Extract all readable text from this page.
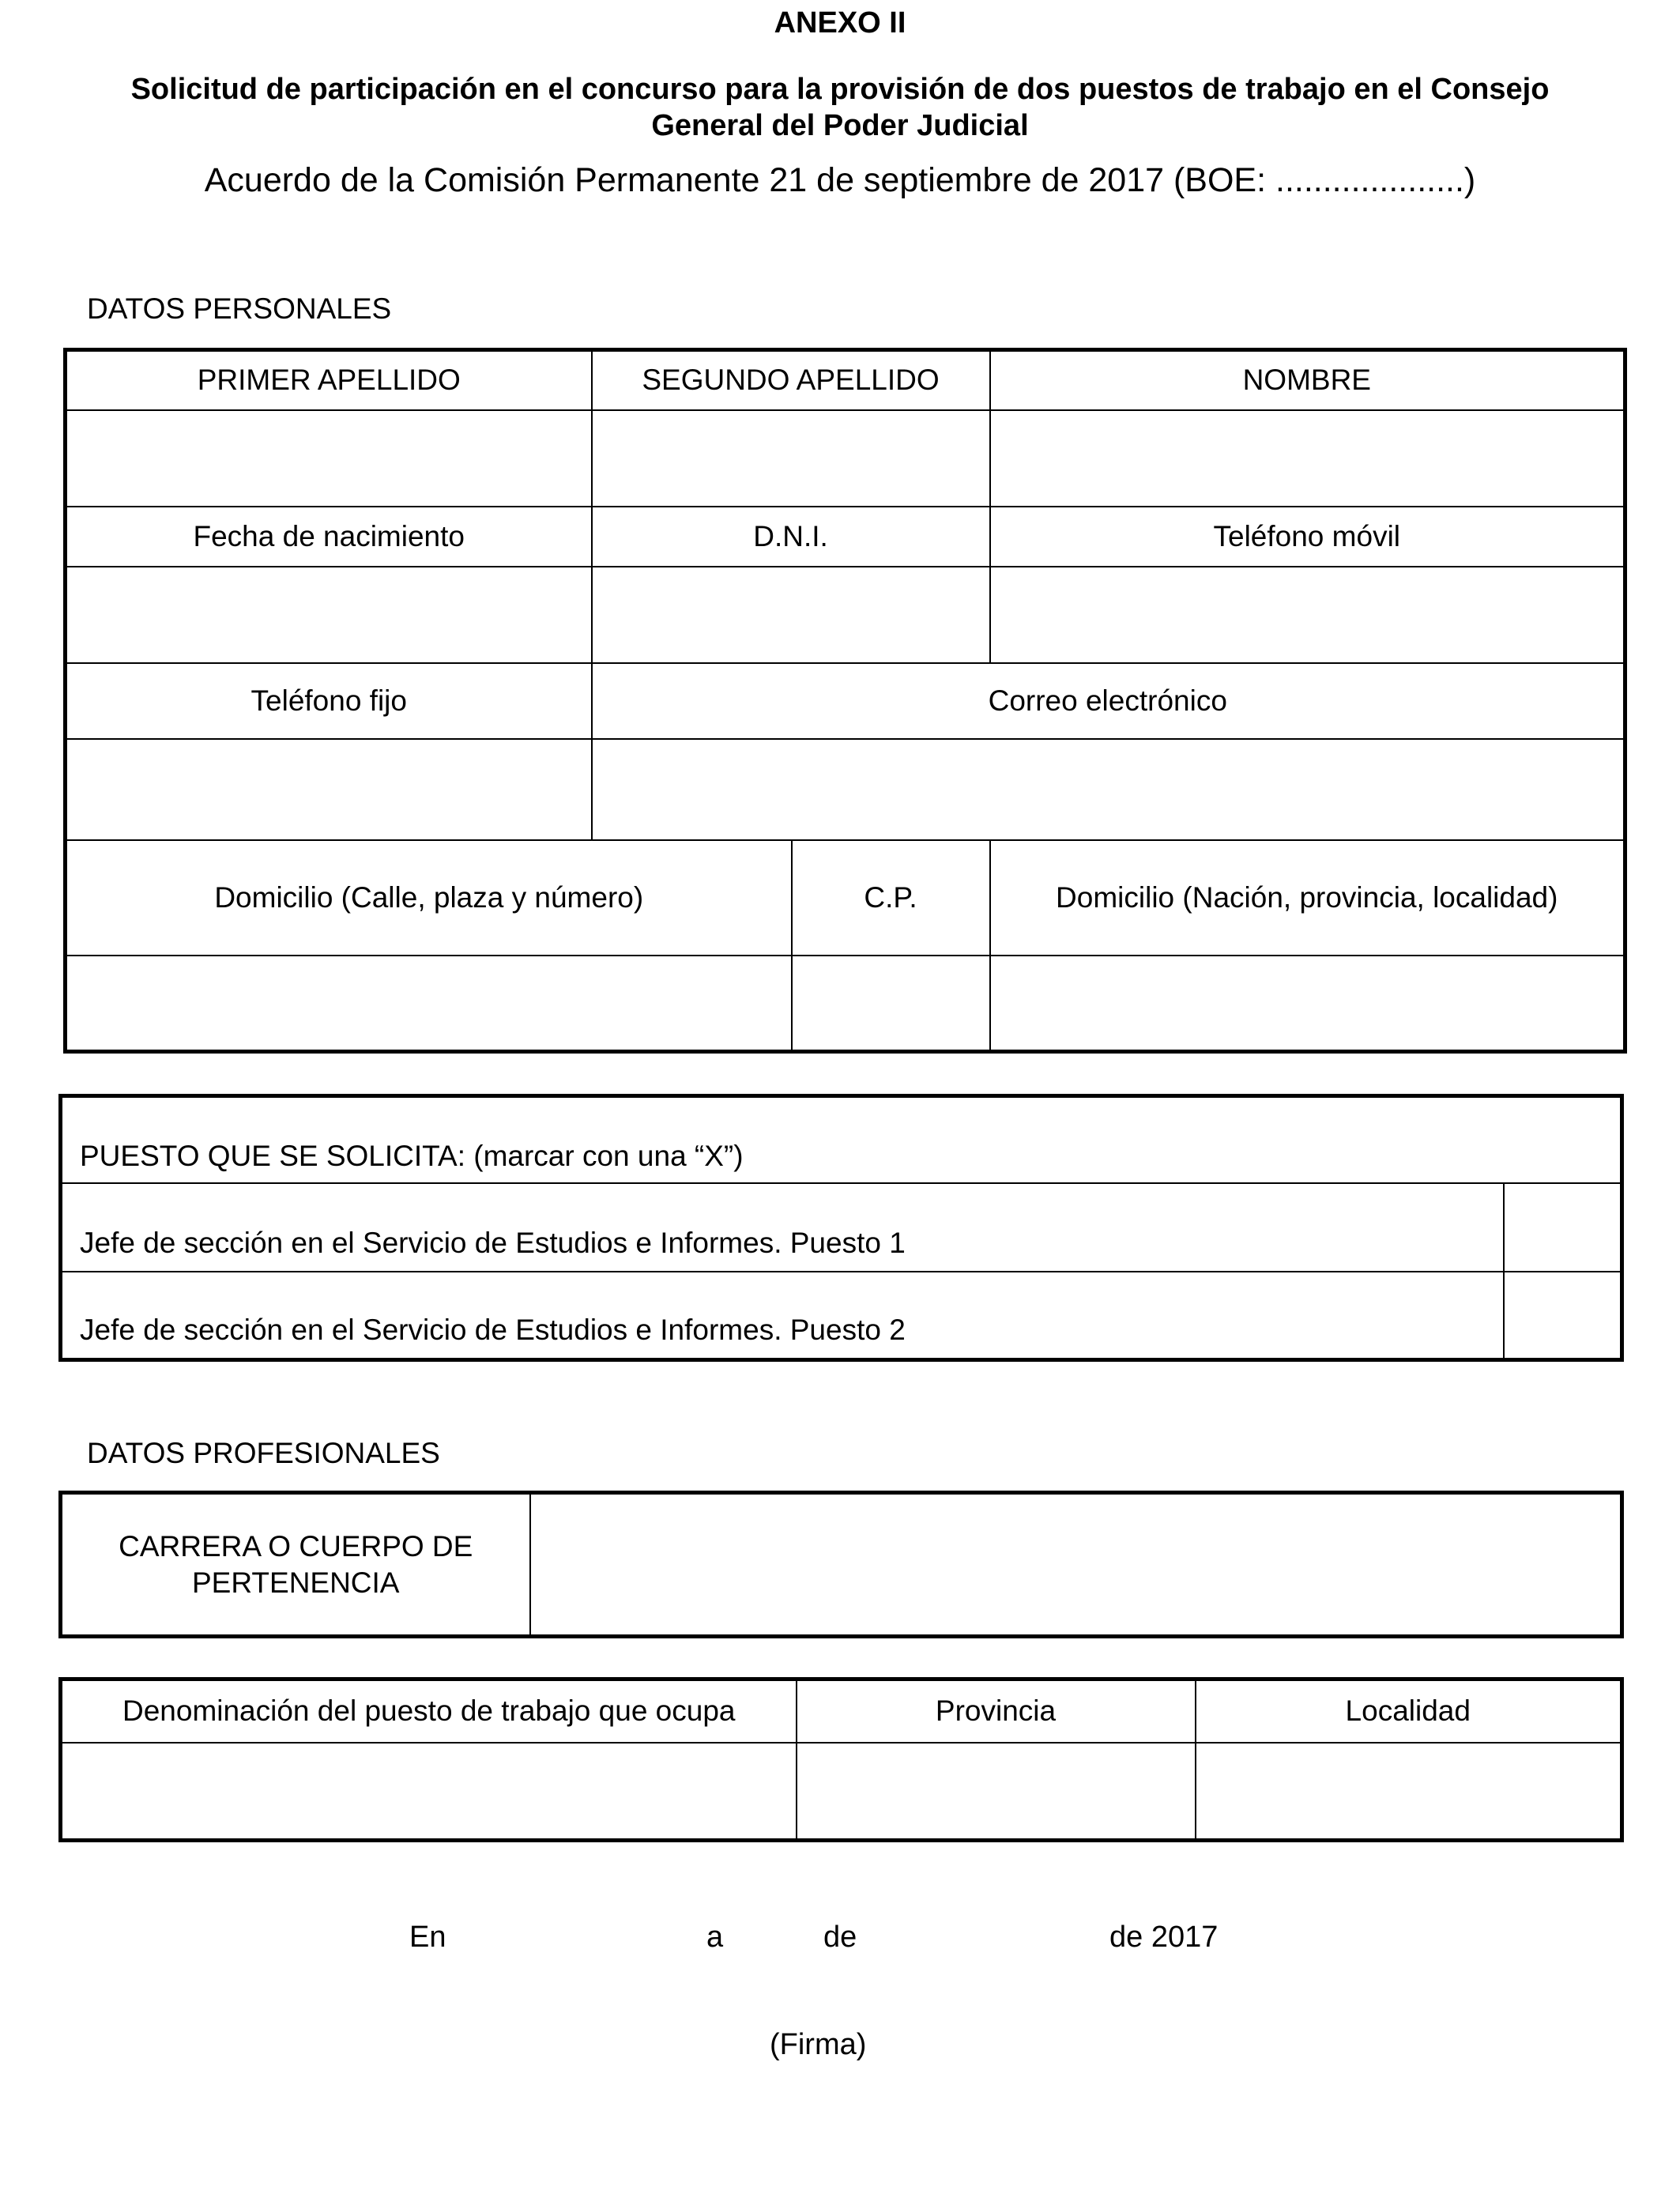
ANEXO II
Solicitud de participación en el concurso para la provisión de dos puestos de trabajo en el Consejo
General del Poder Judicial
Acuerdo de la Comisión Permanente 21 de septiembre de 2017 (BOE: ....................)
DATOS PERSONALES
PRIMER APELLIDO	SEGUNDO APELLIDO		NOMBRE

Fecha de nacimiento	D.N.I.		Teléfono móvil

Teléfono fijo	Correo electrónico		

Domicilio (Calle, plaza y número)		C.P.	Domicilio (Nación, provincia, localidad)

PUESTO QUE SE SOLICITA: (marcar con una “X”)	
Jefe de sección en el Servicio de Estudios e Informes. Puesto 1	
Jefe de sección en el Servicio de Estudios e Informes. Puesto 2	
DATOS PROFESIONALES
CARRERA O CUERPO DE PERTENENCIA	
Denominación del puesto de trabajo que ocupa	Provincia	Localidad

En	a	de	de 2017
(Firma)
